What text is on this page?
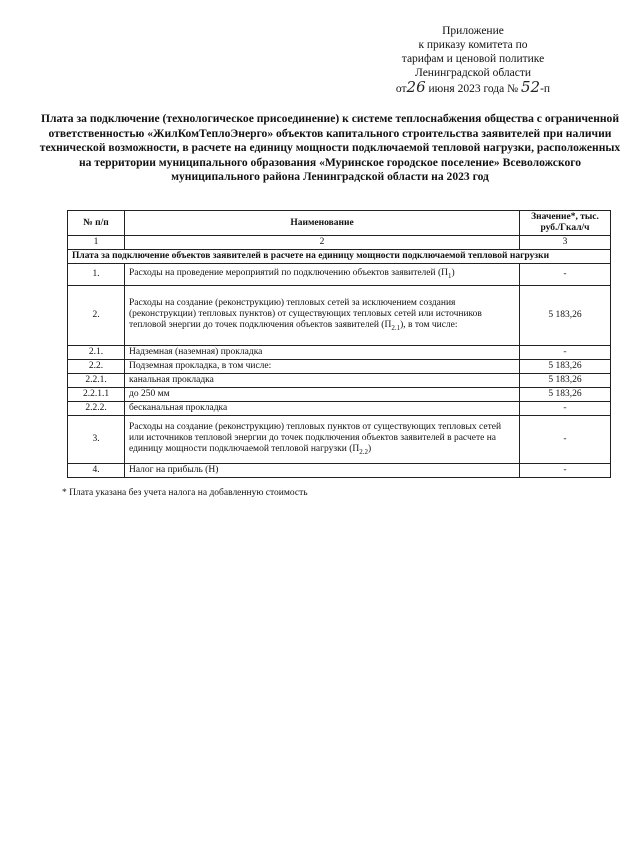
Приложение
к приказу комитета по
тарифам и ценовой политике
Ленинградской области
от26 июня 2023 года № 52-п
Плата за подключение (технологическое присоединение) к системе теплоснабжения общества с ограниченной ответственностью «ЖилКомТеплоЭнерго» объектов капитального строительства заявителей при наличии технической возможности, в расчете на единицу мощности подключаемой тепловой нагрузки, расположенных на территории муниципального образования «Муринское городское поселение» Всеволожского муниципального района Ленинградской области на 2023 год
№ п/п	Наименование	Значение*, тыс. руб./Гкал/ч
1	2	3
Плата за подключение объектов заявителей в расчете на единицу мощности подключаемой тепловой нагрузки		
1.	Расходы на проведение мероприятий по подключению объектов заявителей $(П_1)$	-
2.	Расходы на создание (реконструкцию) тепловых сетей за исключением создания (реконструкции) тепловых пунктов) от существующих тепловых сетей или источников тепловой энергии до точек подключения объектов заявителей $(П_{2.1})$, в том числе:	5 183,26
2.1.	Надземная (наземная) прокладка	-
2.2.	Подземная прокладка, в том числе:	5 183,26
2.2.1.	канальная прокладка	5 183,26
2.2.1.1	до 250 мм	5 183,26
2.2.2.	бесканальная прокладка	-
3.	Расходы на создание (реконструкцию) тепловых пунктов от существующих тепловых сетей или источников тепловой энергии до точек подключения объектов заявителей в расчете на единицу мощности подключаемой тепловой нагрузки $(П_{2.2})$	-
4.	Налог на прибыль (Н)	-
* Плата указана без учета налога на добавленную стоимость
